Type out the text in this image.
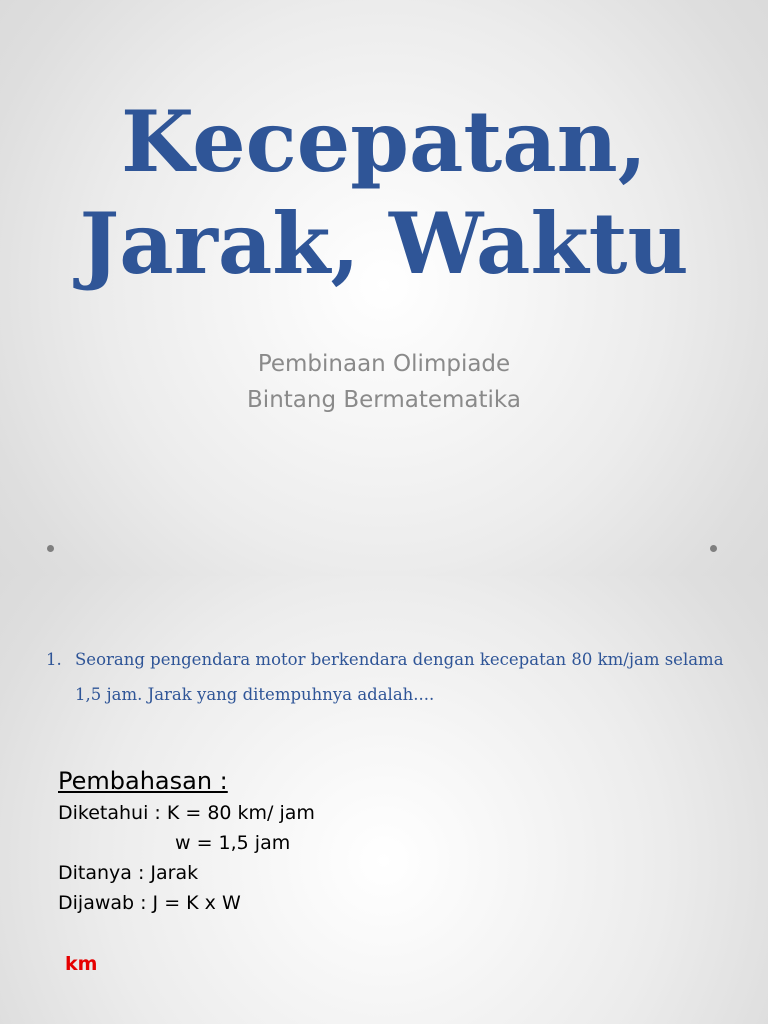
Kecepatan,
Jarak, Waktu
Pembinaan Olimpiade
Bintang Bermatematika
1. Seorang pengendara motor berkendara dengan kecepatan 80 km/jam selama 1,5 jam. Jarak yang ditempuhnya adalah....
Pembahasan :
Diketahui : K = 80 km/ jam
w = 1,5 jam
Ditanya : Jarak
Dijawab : J = K x W
km
